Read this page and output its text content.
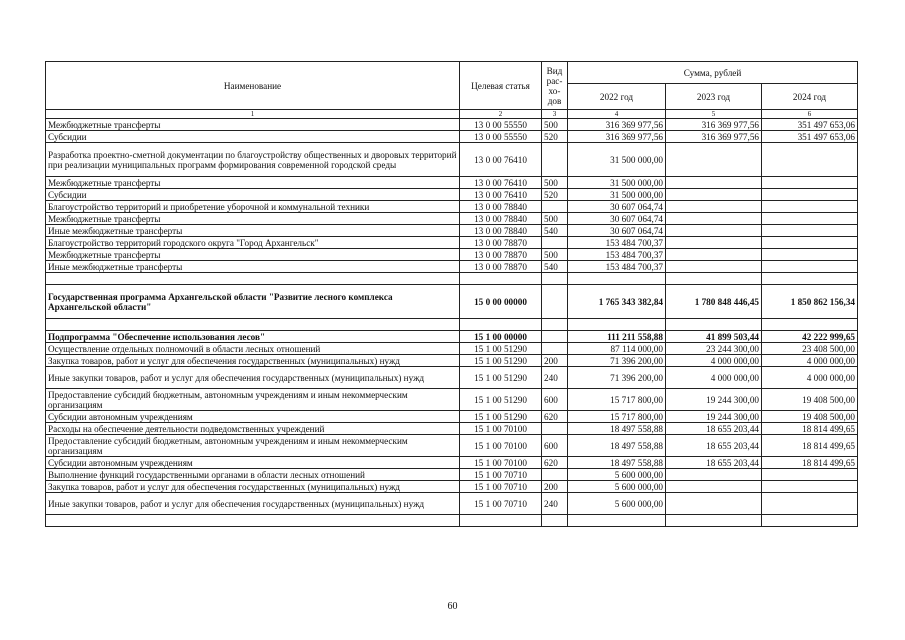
Наименование	Целевая статья	Вид рас-хо-дов	Сумма, рублей		
			2022 год	2023 год	2024 год
1	2	3	4	5	6
Межбюджетные трансферты	13 0 00 55550	500	316 369 977,56	316 369 977,56	351 497 653,06
Субсидии	13 0 00 55550	520	316 369 977,56	316 369 977,56	351 497 653,06
Разработка проектно-сметной документации по благоустройству общественных и дворовых территорий при реализации муниципальных программ формирования современной городской среды	13 0 00 76410		31 500 000,00		
Межбюджетные трансферты	13 0 00 76410	500	31 500 000,00		
Субсидии	13 0 00 76410	520	31 500 000,00		
Благоустройство территорий и приобретение уборочной и коммунальной техники	13 0 00 78840		30 607 064,74		
Межбюджетные трансферты	13 0 00 78840	500	30 607 064,74		
Иные межбюджетные трансферты	13 0 00 78840	540	30 607 064,74		
Благоустройство территорий городского округа "Город Архангельск"	13 0 00 78870		153 484 700,37		
Межбюджетные трансферты	13 0 00 78870	500	153 484 700,37		
Иные межбюджетные трансферты	13 0 00 78870	540	153 484 700,37		

Государственная программа Архангельской области "Развитие лесного комплекса Архангельской области"	15 0 00 00000		1 765 343 382,84	1 780 848 446,45	1 850 862 156,34

Подпрограмма "Обеспечение использования лесов"	15 1 00 00000		111 211 558,88	41 899 503,44	42 222 999,65
Осуществление отдельных полномочий в области лесных отношений	15 1 00 51290		87 114 000,00	23 244 300,00	23 408 500,00
Закупка товаров, работ и услуг для обеспечения государственных (муниципальных) нужд	15 1 00 51290	200	71 396 200,00	4 000 000,00	4 000 000,00
Иные закупки товаров, работ и услуг для обеспечения государственных (муниципальных) нужд	15 1 00 51290	240	71 396 200,00	4 000 000,00	4 000 000,00
Предоставление субсидий бюджетным, автономным учреждениям и иным некоммерческим организациям	15 1 00 51290	600	15 717 800,00	19 244 300,00	19 408 500,00
Субсидии автономным учреждениям	15 1 00 51290	620	15 717 800,00	19 244 300,00	19 408 500,00
Расходы на обеспечение деятельности подведомственных учреждений	15 1 00 70100		18 497 558,88	18 655 203,44	18 814 499,65
Предоставление субсидий бюджетным, автономным учреждениям и иным некоммерческим организациям	15 1 00 70100	600	18 497 558,88	18 655 203,44	18 814 499,65
Субсидии автономным учреждениям	15 1 00 70100	620	18 497 558,88	18 655 203,44	18 814 499,65
Выполнение функций государственными органами в области лесных отношений	15 1 00 70710		5 600 000,00		
Закупка товаров, работ и услуг для обеспечения государственных (муниципальных) нужд	15 1 00 70710	200	5 600 000,00		
Иные закупки товаров, работ и услуг для обеспечения государственных (муниципальных) нужд	15 1 00 70710	240	5 600 000,00		

60
